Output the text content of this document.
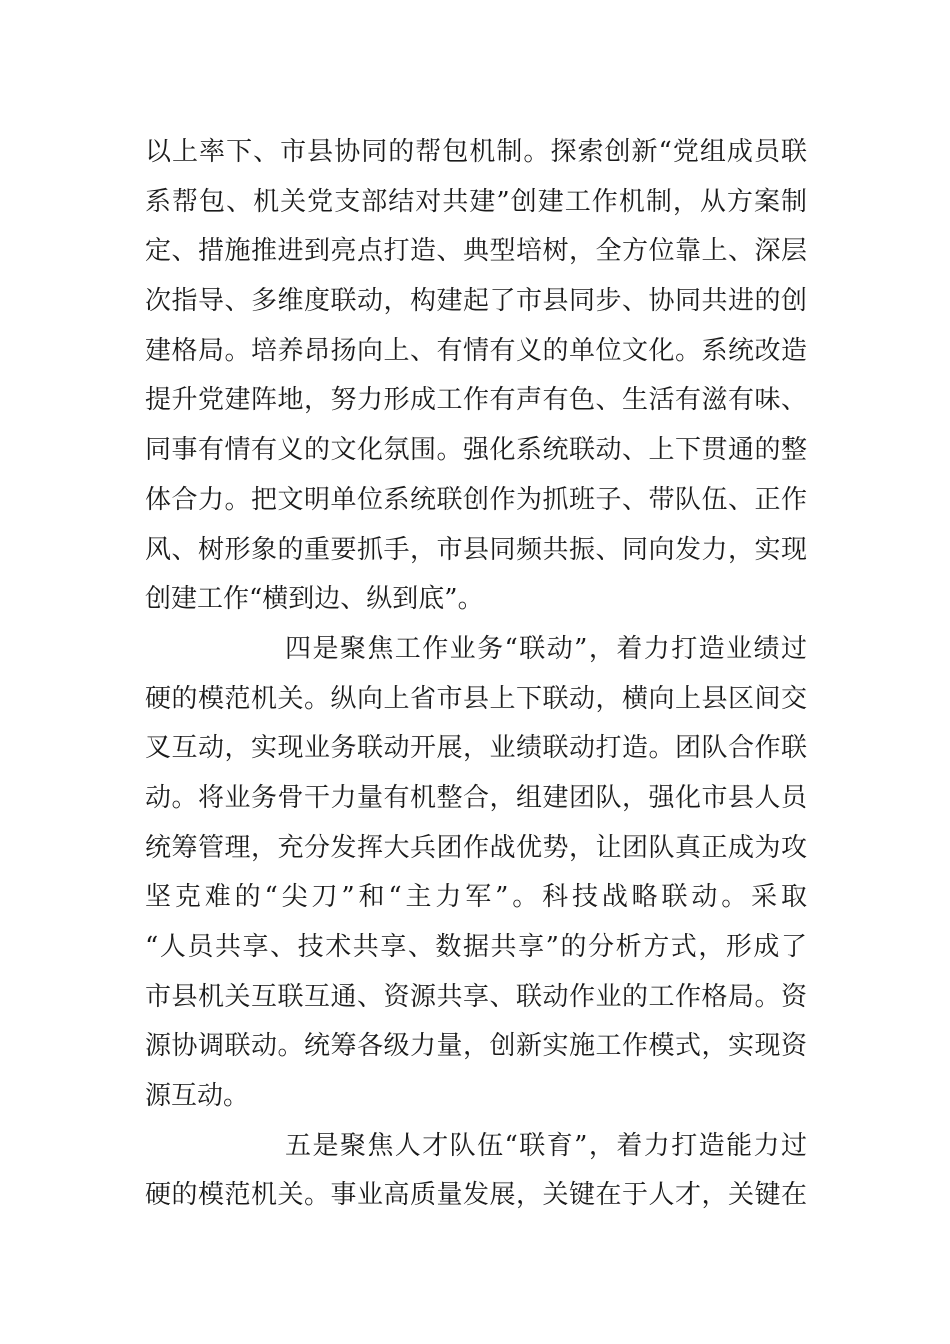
以上率下、市县协同的帮包机制。探索创新“党组成员联
系帮包、机关党支部结对共建”创建工作机制，从方案制
定、措施推进到亮点打造、典型培树，全方位靠上、深层
次指导、多维度联动，构建起了市县同步、协同共进的创
建格局。培养昂扬向上、有情有义的单位文化。系统改造
提升党建阵地，努力形成工作有声有色、生活有滋有味、
同事有情有义的文化氛围。强化系统联动、上下贯通的整
体合力。把文明单位系统联创作为抓班子、带队伍、正作
风、树形象的重要抓手，市县同频共振、同向发力，实现
创建工作“横到边、纵到底”。
四是聚焦工作业务“联动”，着力打造业绩过
硬的模范机关。纵向上省市县上下联动，横向上县区间交
叉互动，实现业务联动开展，业绩联动打造。团队合作联
动。将业务骨干力量有机整合，组建团队，强化市县人员
统筹管理，充分发挥大兵团作战优势，让团队真正成为攻
坚克难的“尖刀”和“主力军”。科技战略联动。采取
“人员共享、技术共享、数据共享”的分析方式，形成了
市县机关互联互通、资源共享、联动作业的工作格局。资
源协调联动。统筹各级力量，创新实施工作模式，实现资
源互动。
五是聚焦人才队伍“联育”，着力打造能力过
硬的模范机关。事业高质量发展，关键在于人才，关键在
